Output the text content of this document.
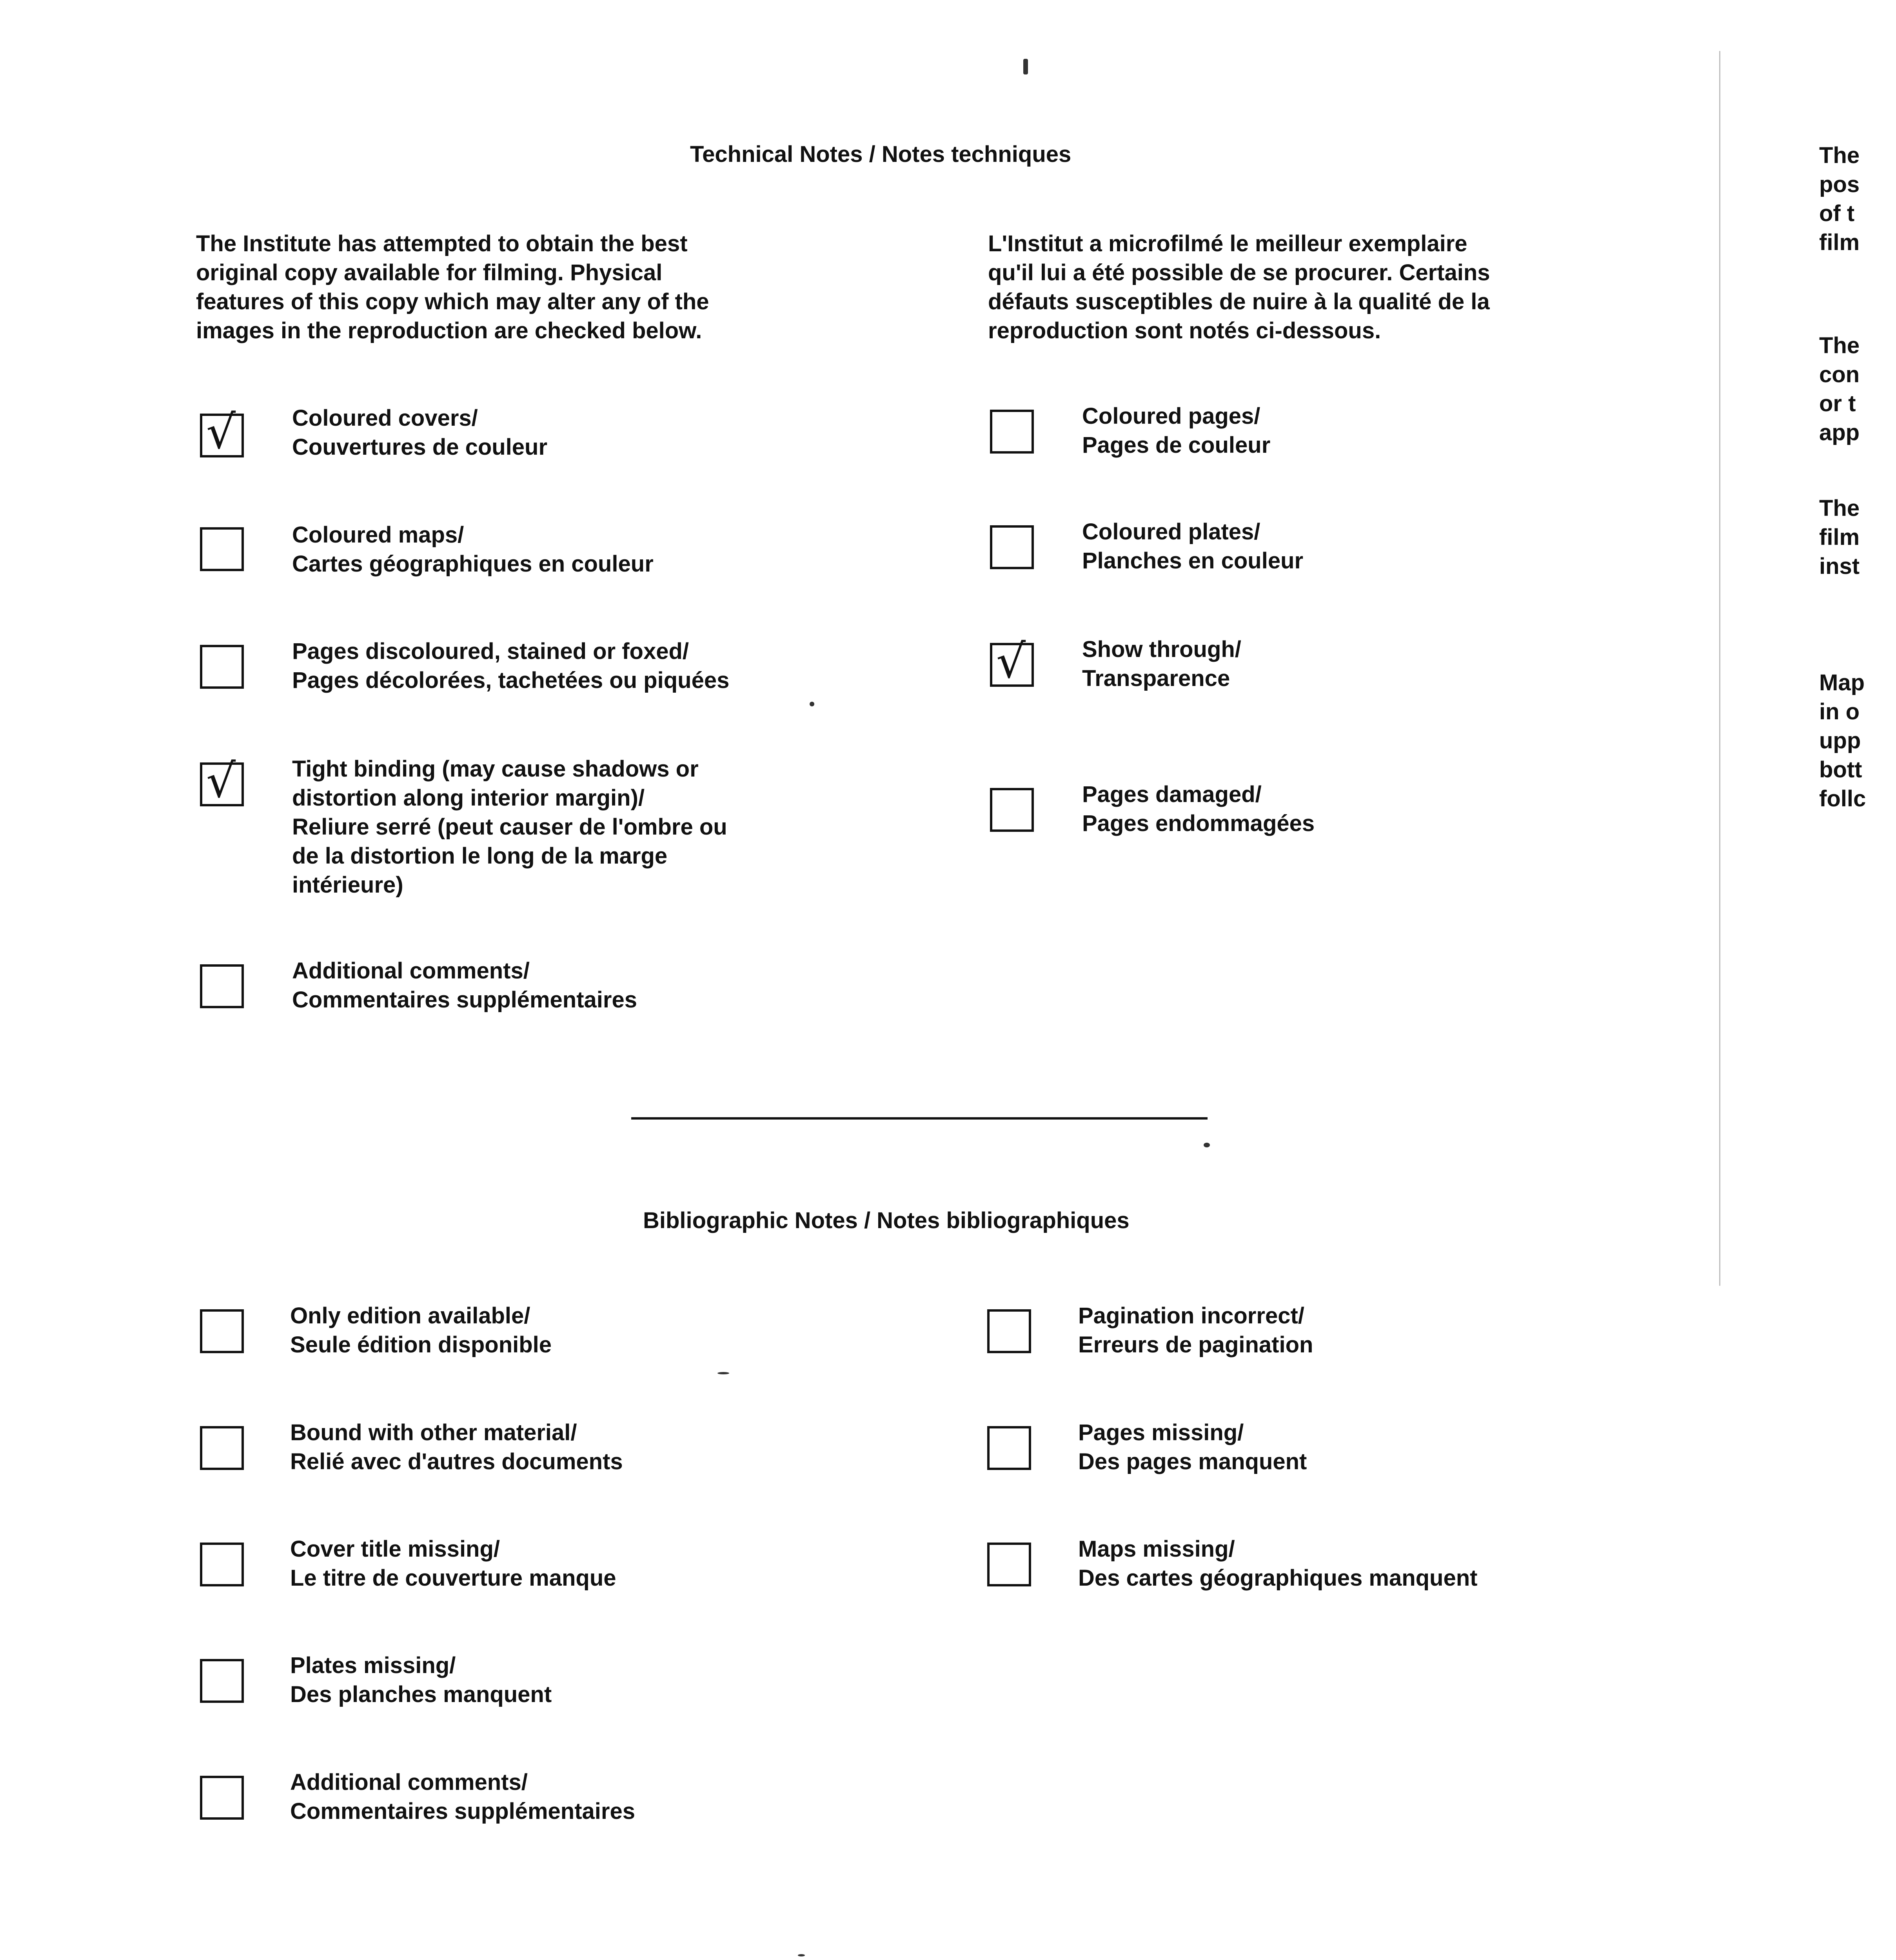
Technical Notes / Notes techniques
The Institute has attempted to obtain the best
original copy available for filming. Physical
features of this copy which may alter any of the
images in the reproduction are checked below.
L'Institut a microfilmé le meilleur exemplaire
qu'il lui a été possible de se procurer. Certains
défauts susceptibles de nuire à la qualité de la
reproduction sont notés ci-dessous.
√ Coloured covers/
Couvertures de couleur
Coloured maps/
Cartes géographiques en couleur
Pages discoloured, stained or foxed/
Pages décolorées, tachetées ou piquées
√ Tight binding (may cause shadows or
distortion along interior margin)/
Reliure serré (peut causer de l'ombre ou
de la distortion le long de la marge
intérieure)
Additional comments/
Commentaires supplémentaires
Coloured pages/
Pages de couleur
Coloured plates/
Planches en couleur
√ Show through/
Transparence
Pages damaged/
Pages endommagées
Bibliographic Notes / Notes bibliographiques
Only edition available/
Seule édition disponible
Bound with other material/
Relié avec d'autres documents
Cover title missing/
Le titre de couverture manque
Plates missing/
Des planches manquent
Additional comments/
Commentaires supplémentaires
Pagination incorrect/
Erreurs de pagination
Pages missing/
Des pages manquent
Maps missing/
Des cartes géographiques manquent
The
pos
of t
film
The
con
or t
app
The
film
inst
Map
in o
upp
bott
follc
